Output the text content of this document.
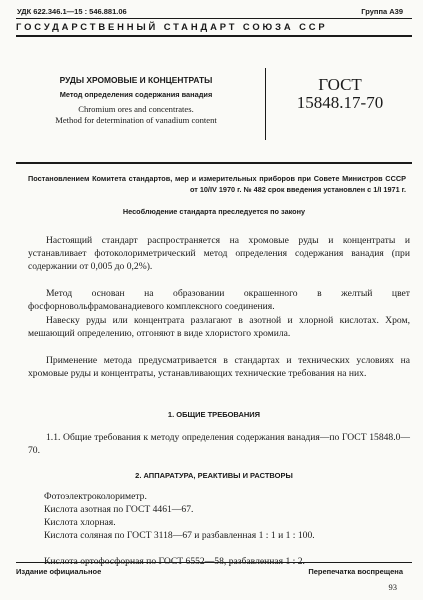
УДК 622.346.1—15 : 546.881.06	Группа А39
ГОСУДАРСТВЕННЫЙ СТАНДАРТ СОЮЗА ССР
РУДЫ ХРОМОВЫЕ И КОНЦЕНТРАТЫ
Метод определения содержания ванадия
Chromium ores and concentrates.
Method for determination of vanadium content
ГОСТ
15848.17-70
Постановлением Комитета стандартов, мер и измерительных приборов при Совете Министров СССР от 10/IV 1970 г. № 482 срок введения установлен с 1/I 1971 г.
Несоблюдение стандарта преследуется по закону

Настоящий стандарт распространяется на хромовые руды и концентраты и устанавливает фотоколориметрический метод определения содержания ванадия (при содержании от 0,005 до 0,2%).

Метод основан на образовании окрашенного в желтый цвет фосфорновольфрамованадиевого комплексного соединения.

Навеску руды или концентрата разлагают в азотной и хлорной кислотах. Хром, мешающий определению, отгоняют в виде хлористого хромила.

Применение метода предусматривается в стандартах и технических условиях на хромовые руды и концентраты, устанавливающих технические требования на них.

1. ОБЩИЕ ТРЕБОВАНИЯ

1.1. Общие требования к методу определения содержания ванадия—по ГОСТ 15848.0—70.

2. АППАРАТУРА, РЕАКТИВЫ И РАСТВОРЫ

Фотоэлектроколориметр.

Кислота азотная по ГОСТ 4461—67.

Кислота хлорная.

Кислота соляная по ГОСТ 3118—67 и разбавленная 1 : 1 и 1 : 100.

Издание официальное	Перепечатка воспрещена
93
